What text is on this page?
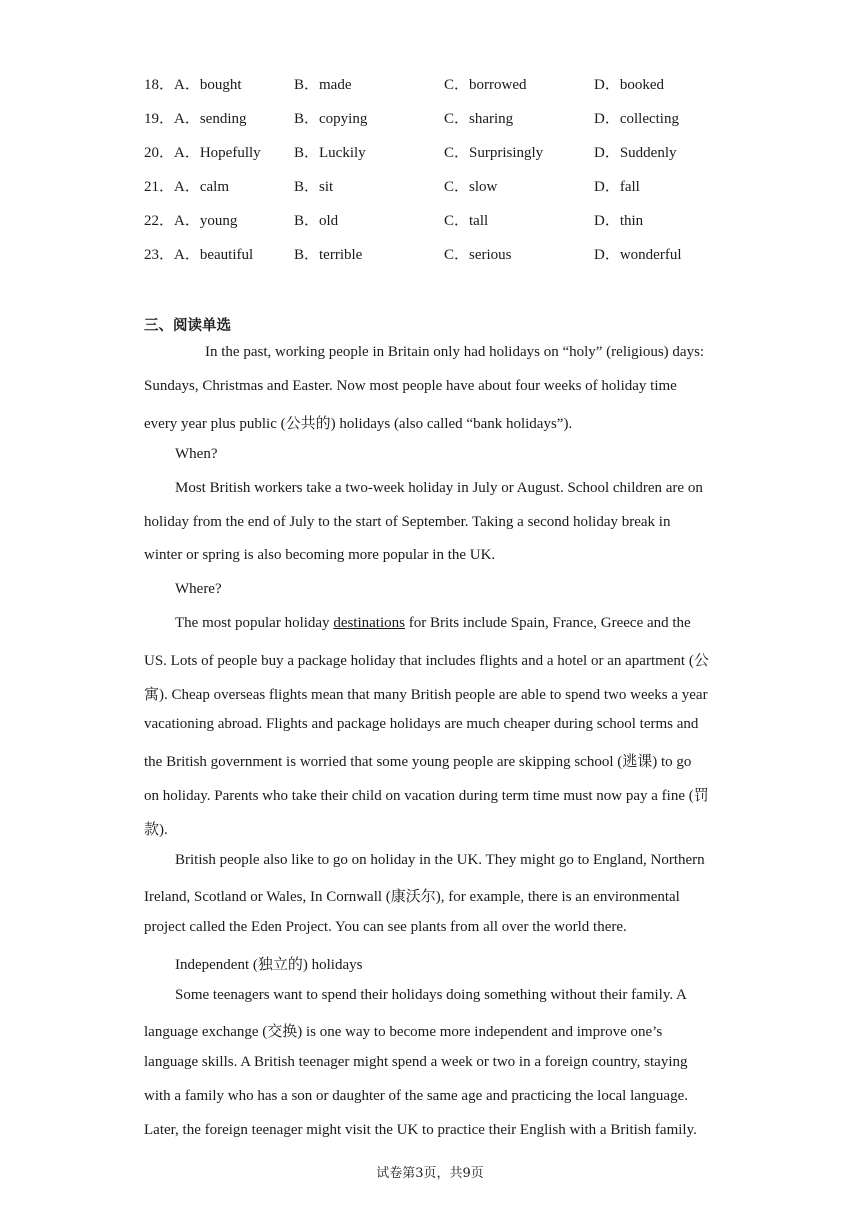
18．A．bought	B．made	C．borrowed	D．booked
19．A．sending	B．copying	C．sharing	D．collecting
20．A．Hopefully B．Luckily	C．Surprisingly	D．Suddenly
21．A．calm	B．sit	C．slow	D．fall
22．A．young	B．old	C．tall	D．thin
23．A．beautiful	B．terrible	C．serious	D．wonderful
三、阅读单选
In the past, working people in Britain only had holidays on “holy” (religious) days:
Sundays, Christmas and Easter. Now most people have about four weeks of holiday time
every year plus public (公共的) holidays (also called “bank holidays”).
When?
Most British workers take a two-week holiday in July or August. School children are on
holiday from the end of July to the start of September. Taking a second holiday break in
winter or spring is also becoming more popular in the UK.
Where?
The most popular holiday destinations for Brits include Spain, France, Greece and the
US. Lots of people buy a package holiday that includes flights and a hotel or an apartment (公
寓). Cheap overseas flights mean that many British people are able to spend two weeks a year
vacationing abroad. Flights and package holidays are much cheaper during school terms and
the British government is worried that some young people are skipping school (逃课) to go
on holiday. Parents who take their child on vacation during term time must now pay a fine (罚
款).
British people also like to go on holiday in the UK. They might go to England, Northern
Ireland, Scotland or Wales, In Cornwall (康沃尔), for example, there is an environmental
project called the Eden Project. You can see plants from all over the world there.
Independent (独立的) holidays
Some teenagers want to spend their holidays doing something without their family. A
language exchange (交换) is one way to become more independent and improve one’s
language skills. A British teenager might spend a week or two in a foreign country, staying
with a family who has a son or daughter of the same age and practicing the local language.
Later, the foreign teenager might visit the UK to practice their English with a British family.
试卷第3页，共9页
